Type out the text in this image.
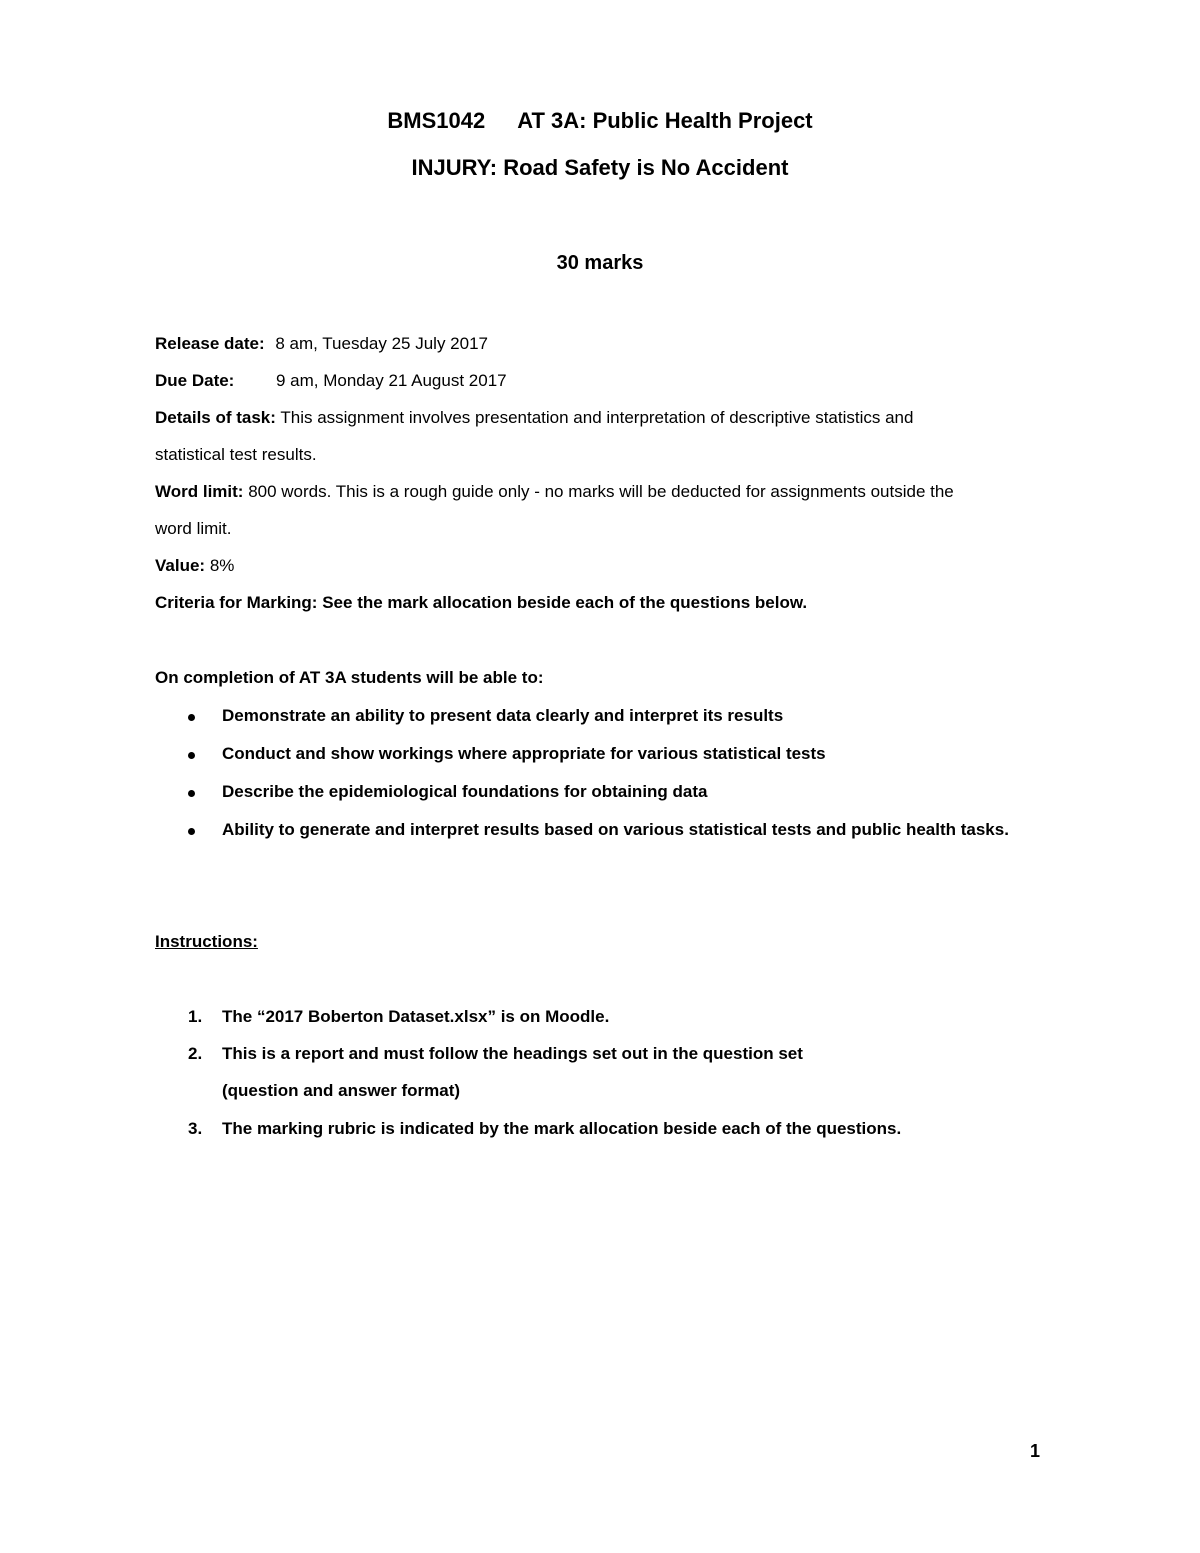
BMS1042 AT 3A: Public Health Project
INJURY: Road Safety is No Accident
30 marks
Release date: 8 am, Tuesday 25 July 2017
Due Date: 9 am, Monday 21 August 2017
Details of task: This assignment involves presentation and interpretation of descriptive statistics and
statistical test results.
Word limit: 800 words. This is a rough guide only - no marks will be deducted for assignments outside the
word limit.
Value: 8%
Criteria for Marking: See the mark allocation beside each of the questions below.
On completion of AT 3A students will be able to:
Demonstrate an ability to present data clearly and interpret its results
Conduct and show workings where appropriate for various statistical tests
Describe the epidemiological foundations for obtaining data
Ability to generate and interpret results based on various statistical tests and public health tasks.
Instructions:
1. The “2017 Boberton Dataset.xlsx” is on Moodle.
2. This is a report and must follow the headings set out in the question set
(question and answer format)
3. The marking rubric is indicated by the mark allocation beside each of the questions.
1
